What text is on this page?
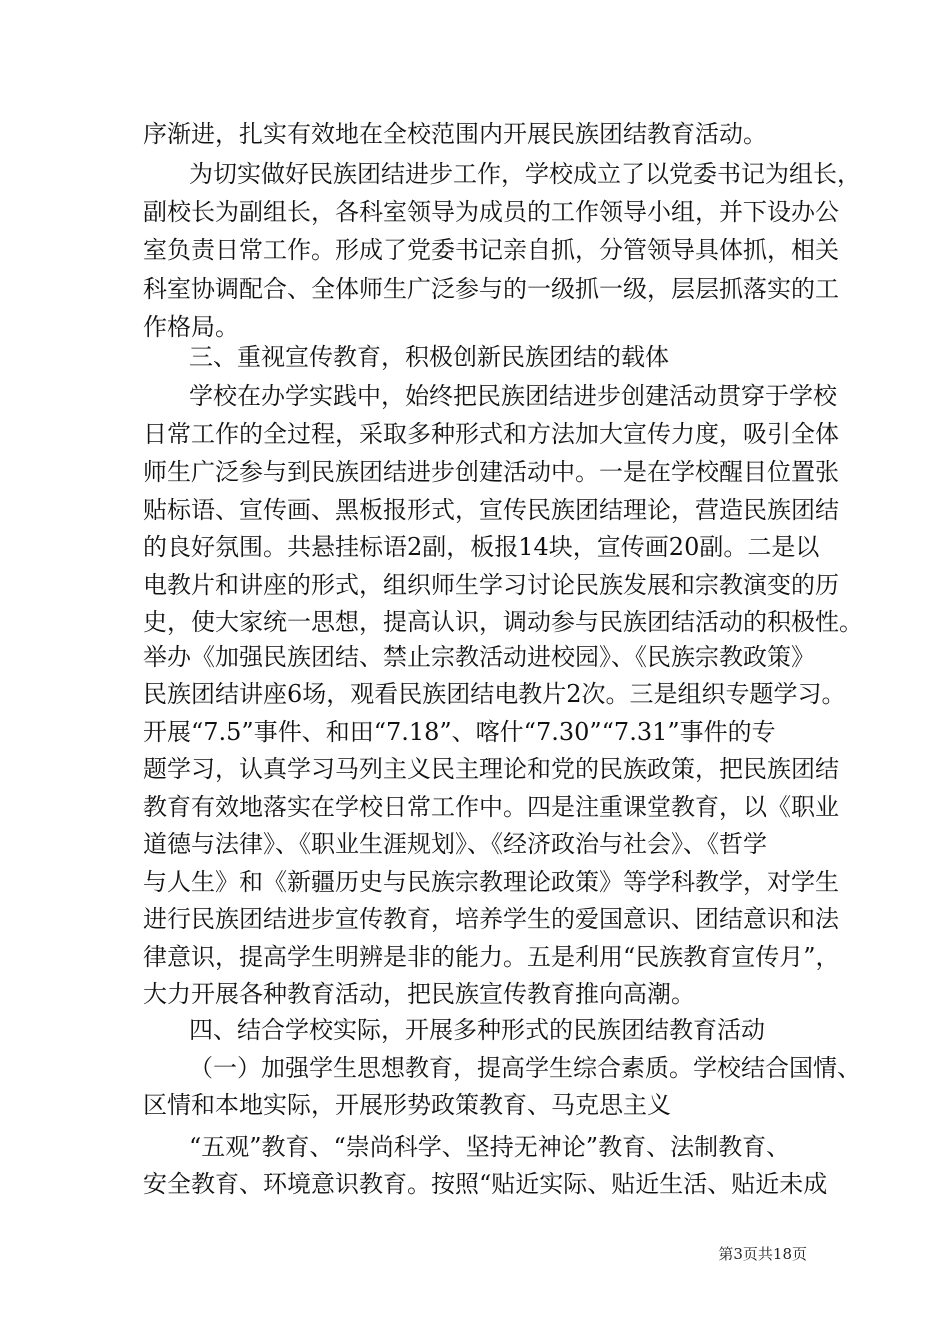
序渐进，扎实有效地在全校范围内开展民族团结教育活动。
为切实做好民族团结进步工作，学校成立了以党委书记为组长，
副校长为副组长，各科室领导为成员的工作领导小组，并下设办公
室负责日常工作。形成了党委书记亲自抓，分管领导具体抓，相关
科室协调配合、全体师生广泛参与的一级抓一级，层层抓落实的工
作格局。
三、重视宣传教育，积极创新民族团结的载体
学校在办学实践中，始终把民族团结进步创建活动贯穿于学校
日常工作的全过程，采取多种形式和方法加大宣传力度，吸引全体
师生广泛参与到民族团结进步创建活动中。一是在学校醒目位置张
贴标语、宣传画、黑板报形式，宣传民族团结理论，营造民族团结
的良好氛围。共悬挂标语2副，板报14块，宣传画20副。二是以
电教片和讲座的形式，组织师生学习讨论民族发展和宗教演变的历
史，使大家统一思想，提高认识，调动参与民族团结活动的积极性。
举办《加强民族团结、禁止宗教活动进校园》、《民族宗教政策》
民族团结讲座6场，观看民族团结电教片2次。三是组织专题学习。
开展“7.5”事件、和田“7.18”、喀什“7.30”“7.31”事件的专
题学习，认真学习马列主义民主理论和党的民族政策，把民族团结
教育有效地落实在学校日常工作中。四是注重课堂教育，以《职业
道德与法律》、《职业生涯规划》、《经济政治与社会》、《哲学
与人生》和《新疆历史与民族宗教理论政策》等学科教学，对学生
进行民族团结进步宣传教育，培养学生的爱国意识、团结意识和法
律意识，提高学生明辨是非的能力。五是利用“民族教育宣传月”，
大力开展各种教育活动，把民族宣传教育推向高潮。
四、结合学校实际，开展多种形式的民族团结教育活动
（一）加强学生思想教育，提高学生综合素质。学校结合国情、
区情和本地实际，开展形势政策教育、马克思主义
“五观”教育、“崇尚科学、坚持无神论”教育、法制教育、
安全教育、环境意识教育。按照“贴近实际、贴近生活、贴近未成
第3页共18页
